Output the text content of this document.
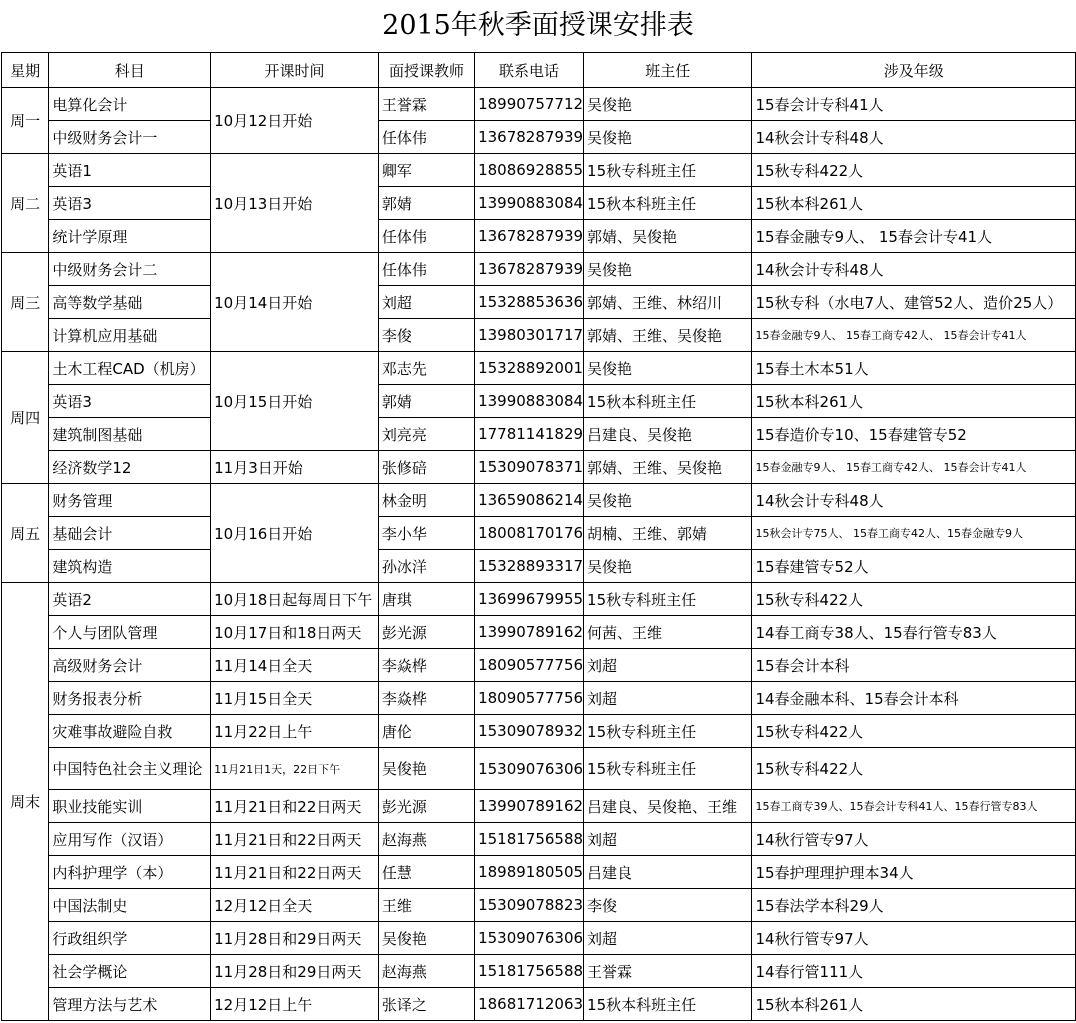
2015年秋季面授课安排表
星期	科目	开课时间	面授课教师	联系电话	班主任	涉及年级
周一	电算化会计	10月12日开始	王誉霖	18990757712	吴俊艳	15春会计专科41人
	中级财务会计一		任体伟	13678287939	吴俊艳	14秋会计专科48人
周二	英语1	10月13日开始	卿军	18086928855	15秋专科班主任	15秋专科422人
	英语3		郭婧	13990883084	15秋本科班主任	15秋本科261人
	统计学原理		任体伟	13678287939	郭婧、吴俊艳	15春金融专9人、 15春会计专41人
周三	中级财务会计二	10月14日开始	任体伟	13678287939	吴俊艳	14秋会计专科48人
	高等数学基础		刘超	15328853636	郭婧、王维、林绍川	15秋专科（水电7人、建管52人、造价25人）
	计算机应用基础		李俊	13980301717	郭婧、王维、吴俊艳	15春金融专9人、 15春工商专42人、 15春会计专41人
周四	土木工程CAD（机房）	10月15日开始	邓志先	15328892001	吴俊艳	15春土木本51人
	英语3		郭婧	13990883084	15秋本科班主任	15秋本科261人
	建筑制图基础		刘亮亮	17781141829	吕建良、吴俊艳	15春造价专10、15春建管专52
	经济数学12	11月3日开始	张修碚	15309078371	郭婧、王维、吴俊艳	15春金融专9人、 15春工商专42人、 15春会计专41人
周五	财务管理	10月16日开始	林金明	13659086214	吴俊艳	14秋会计专科48人
	基础会计		李小华	18008170176	胡楠、王维、郭婧	15秋会计专75人、 15春工商专42人、15春金融专9人
	建筑构造		孙冰洋	15328893317	吴俊艳	15春建管专52人
周末	英语2	10月18日起每周日下午	唐琪	13699679955	15秋专科班主任	15秋专科422人
	个人与团队管理	10月17日和18日两天	彭光源	13990789162	何茜、王维	14春工商专38人、15春行管专83人
	高级财务会计	11月14日全天	李焱桦	18090577756	刘超	15春会计本科
	财务报表分析	11月15日全天	李焱桦	18090577756	刘超	14春金融本科、15春会计本科
	灾难事故避险自救	11月22日上午	唐伦	15309078932	15秋专科班主任	15秋专科422人
	中国特色社会主义理论	11月21日1天，22日下午	吴俊艳	15309076306	15秋专科班主任	15秋专科422人
	职业技能实训	11月21日和22日两天	彭光源	13990789162	吕建良、吴俊艳、王维	15春工商专39人、15春会计专科41人、15春行管专83人
	应用写作（汉语）	11月21日和22日两天	赵海燕	15181756588	刘超	14秋行管专97人
	内科护理学（本）	11月21日和22日两天	任慧	18989180505	吕建良	15春护理理护理本34人
	中国法制史	12月12日全天	王维	15309078823	李俊	15春法学本科29人
	行政组织学	11月28日和29日两天	吴俊艳	15309076306	刘超	14秋行管专97人
	社会学概论	11月28日和29日两天	赵海燕	15181756588	王誉霖	14春行管111人
	管理方法与艺术	12月12日上午	张译之	18681712063	15秋本科班主任	15秋本科261人
